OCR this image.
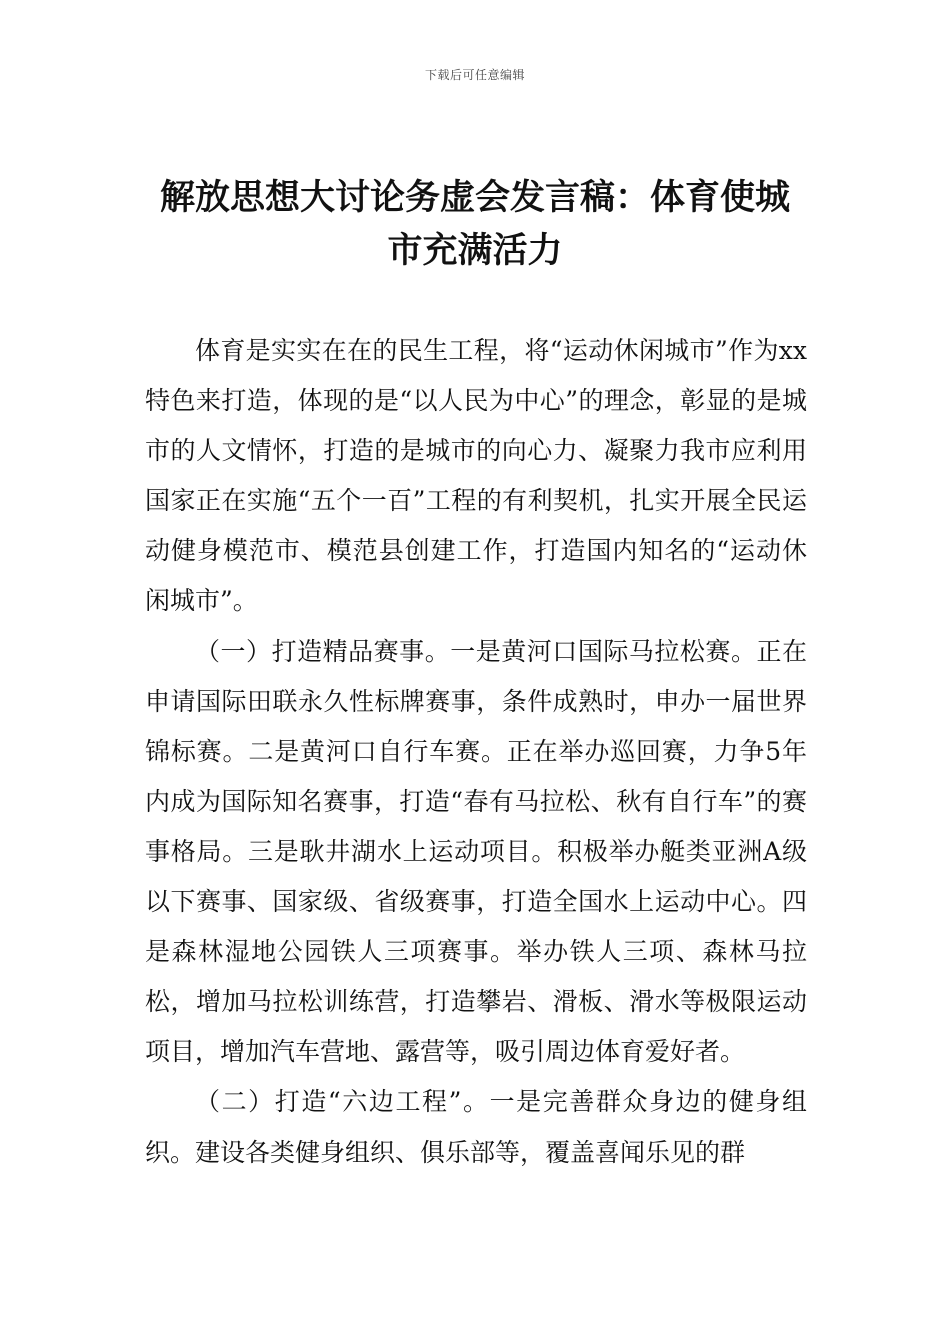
下载后可任意编辑
解放思想大讨论务虚会发言稿：体育使城市充满活力

体育是实实在在的民生工程，将“运动休闲城市”作为xx特色来打造，体现的是“以人民为中心”的理念，彰显的是城市的人文情怀，打造的是城市的向心力、凝聚力我市应利用国家正在实施“五个一百”工程的有利契机，扎实开展全民运动健身模范市、模范县创建工作，打造国内知名的“运动休闲城市”。

（一）打造精品赛事。一是黄河口国际马拉松赛。正在申请国际田联永久性标牌赛事，条件成熟时，申办一届世界锦标赛。二是黄河口自行车赛。正在举办巡回赛，力争5年内成为国际知名赛事，打造“春有马拉松、秋有自行车”的赛事格局。三是耿井湖水上运动项目。积极举办艇类亚洲A级以下赛事、国家级、省级赛事，打造全国水上运动中心。四是森林湿地公园铁人三项赛事。举办铁人三项、森林马拉松，增加马拉松训练营，打造攀岩、滑板、滑水等极限运动项目，增加汽车营地、露营等，吸引周边体育爱好者。

（二）打造“六边工程”。一是完善群众身边的健身组织。建设各类健身组织、俱乐部等，覆盖喜闻乐见的群
